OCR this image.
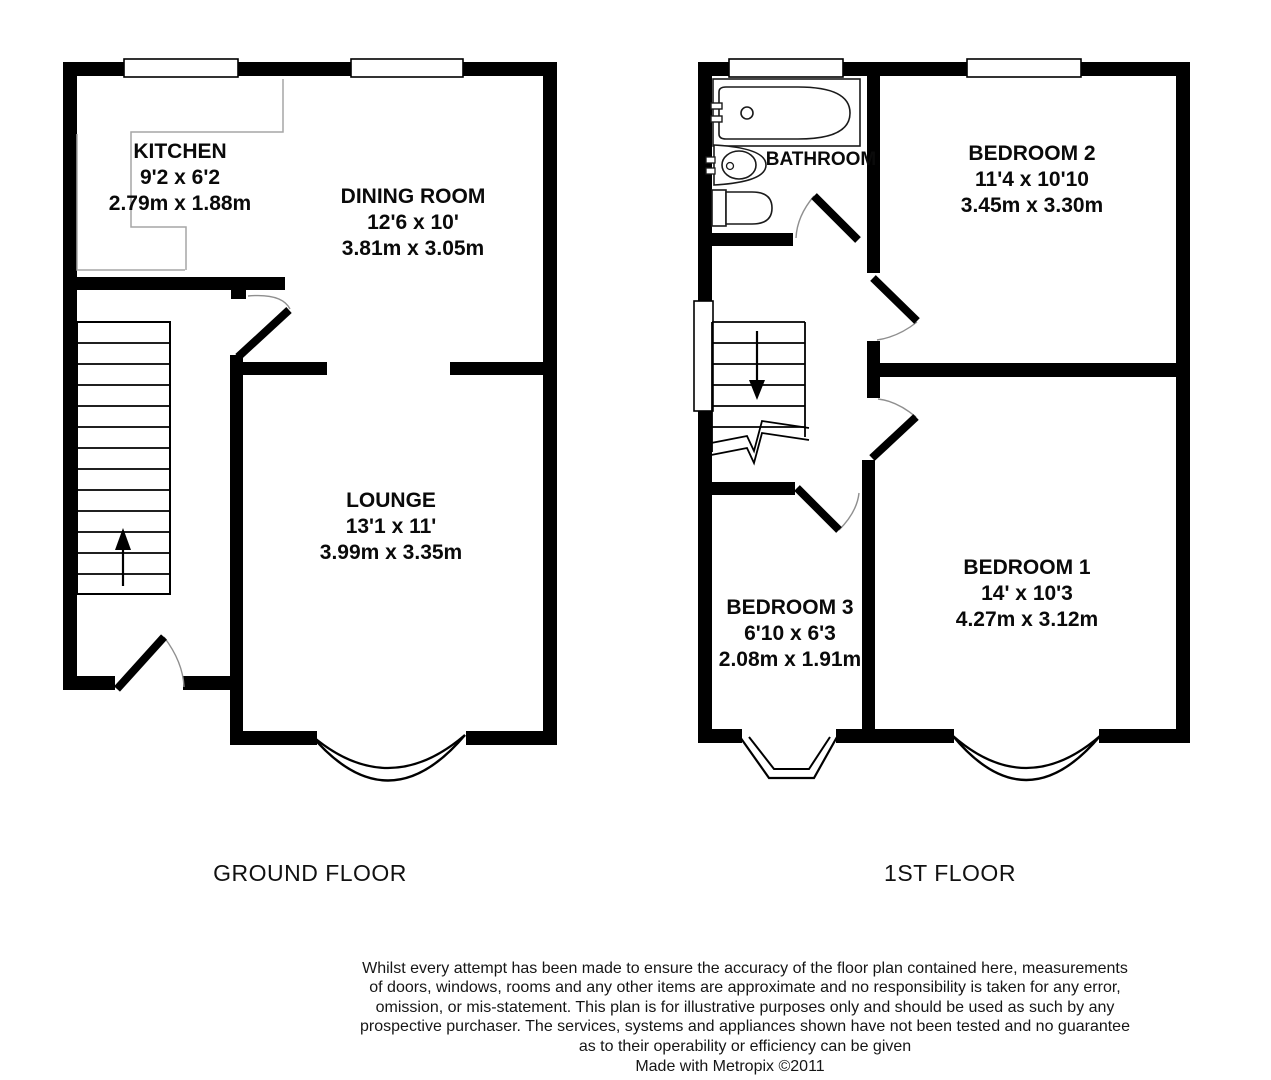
KITCHEN
9'2 x 6'2
2.79m x 1.88m	DINING ROOM
12'6 x 10'
3.81m x 3.05m
LOUNGE
13'1 x 11'
3.99m x 3.35m
GROUND FLOOR
BATHROOM	BEDROOM 2
11'4 x 10'10
3.45m x 3.30m
BEDROOM 1
14' x 10'3
4.27m x 3.12m
BEDROOM 3
6'10 x 6'3
2.08m x 1.91m
1ST FLOOR
Whilst every attempt has been made to ensure the accuracy of the floor plan contained here, measurements
of doors, windows, rooms and any other items are approximate and no responsibility is taken for any error,
omission, or mis-statement. This plan is for illustrative purposes only and should be used as such by any
prospective purchaser. The services, systems and appliances shown have not been tested and no guarantee
as to their operability or efficiency can be given
Made with Metropix ©2011
